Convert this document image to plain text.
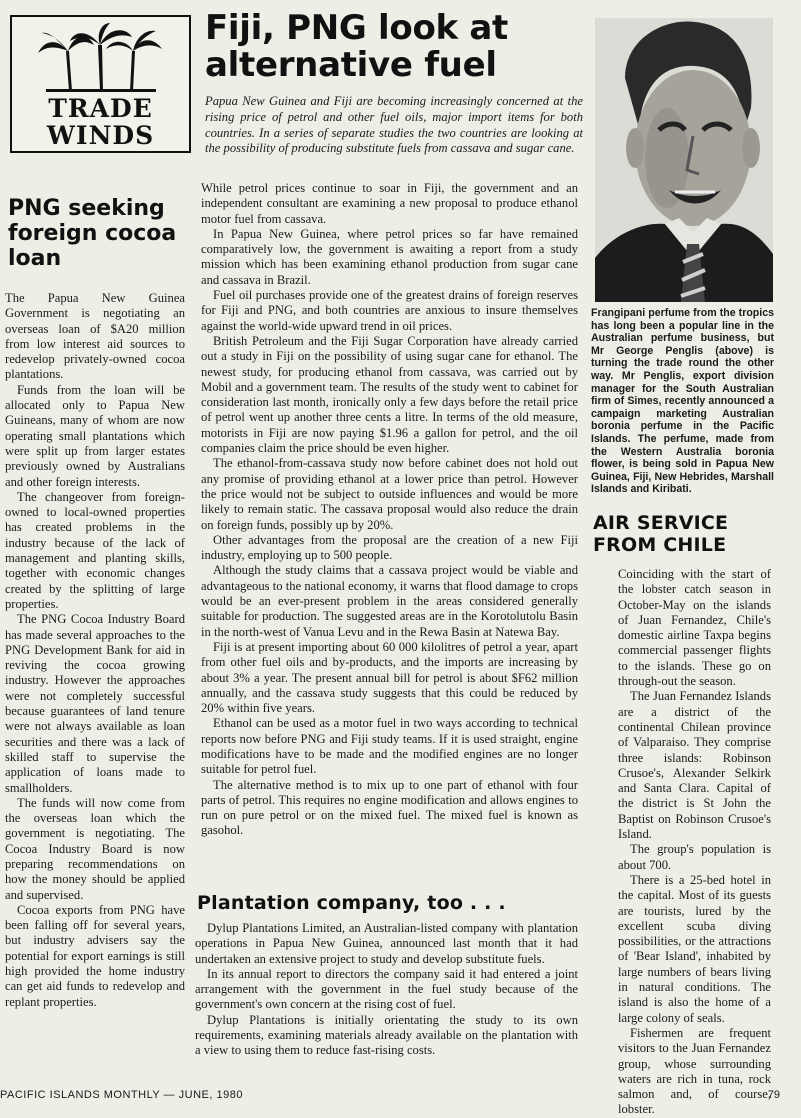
TRADE
WINDS
Fiji, PNG look at alternative fuel
Papua New Guinea and Fiji are becoming increasingly concerned at the rising price of petrol and other fuel oils, major import items for both countries. In a series of separate studies the two countries are looking at the possibility of producing substitute fuels from cassava and sugar cane.

While petrol prices continue to soar in Fiji, the government and an independent consultant are examining a new proposal to produce ethanol motor fuel from cassava.

In Papua New Guinea, where petrol prices so far have remained comparatively low, the government is awaiting a report from a study mission which has been examining ethanol production from sugar cane and cassava in Brazil.

Fuel oil purchases provide one of the greatest drains of foreign reserves for Fiji and PNG, and both countries are anxious to insure themselves against the world-wide upward trend in oil prices.

British Petroleum and the Fiji Sugar Corporation have already carried out a study in Fiji on the possibility of using sugar cane for ethanol. The newest study, for producing ethanol from cassava, was carried out by Mobil and a government team. The results of the study went to cabinet for consideration last month, ironically only a few days before the retail price of petrol went up another three cents a litre. In terms of the old measure, motorists in Fiji are now paying $1.96 a gallon for petrol, and the oil companies claim the price should be even higher.

The ethanol-from-cassava study now before cabinet does not hold out any promise of providing ethanol at a lower price than petrol. However the price would not be subject to outside influences and would be more likely to remain static. The cassava proposal would also reduce the drain on foreign funds, possibly up by 20%.

Other advantages from the proposal are the creation of a new Fiji industry, employing up to 500 people.

Although the study claims that a cassava project would be viable and advantageous to the national economy, it warns that flood damage to crops would be an ever-present problem in the areas considered generally suitable for production. The suggested areas are in the Korotolutolu Basin in the north-west of Vanua Levu and in the Rewa Basin at Natewa Bay.

Fiji is at present importing about 60 000 kilolitres of petrol a year, apart from other fuel oils and by-products, and the imports are increasing by about 3% a year. The present annual bill for petrol is about $F62 million annually, and the cassava study suggests that this could be reduced by 20% within five years.

Ethanol can be used as a motor fuel in two ways according to technical reports now before PNG and Fiji study teams. If it is used straight, engine modifications have to be made and the modified engines are no longer suitable for petrol fuel.

The alternative method is to mix up to one part of ethanol with four parts of petrol. This requires no engine modification and allows engines to run on pure petrol or on the mixed fuel. The mixed fuel is known as gasohol.

Plantation company, too . . .

Dylup Plantations Limited, an Australian-listed company with plantation operations in Papua New Guinea, announced last month that it had undertaken an extensive project to study and develop substitute fuels.

In its annual report to directors the company said it had entered a joint arrangement with the government in the fuel study because of the government's own concern at the rising cost of fuel.

Dylup Plantations is initially orientating the study to its own requirements, examining materials already available on the plantation with a view to using them to reduce fast-rising costs.

PNG seeking foreign cocoa loan

The Papua New Guinea Government is negotiating an overseas loan of $A20 million from low interest aid sources to redevelop privately-owned cocoa plantations.

Funds from the loan will be allocated only to Papua New Guineans, many of whom are now operating small plantations which were split up from larger estates previously owned by Australians and other foreign interests.

The changeover from foreign-owned to local-owned properties has created problems in the industry because of the lack of management and planting skills, together with economic changes created by the splitting of large properties.

The PNG Cocoa Industry Board has made several approaches to the PNG Development Bank for aid in reviving the cocoa growing industry. However the approaches were not completely successful because guarantees of land tenure were not always available as loan securities and there was a lack of skilled staff to supervise the application of loans made to smallholders.

The funds will now come from the overseas loan which the government is negotiating. The Cocoa Industry Board is now preparing recommendations on how the money should be applied and supervised.

Cocoa exports from PNG have been falling off for several years, but industry advisers say the potential for export earnings is still high provided the home industry can get aid funds to redevelop and replant properties.

Frangipani perfume from the tropics has long been a popular line in the Australian perfume business, but Mr George Penglis (above) is turning the trade round the other way. Mr Penglis, export division manager for the South Australian firm of Simes, recently announced a campaign marketing Australian boronia perfume in the Pacific Islands. The perfume, made from the Western Australia boronia flower, is being sold in Papua New Guinea, Fiji, New Hebrides, Marshall Islands and Kiribati.
AIR SERVICE FROM CHILE

Coinciding with the start of the lobster catch season in October-May on the islands of Juan Fernandez, Chile's domestic airline Taxpa begins commercial passenger flights to the islands. These go on through-out the season.

The Juan Fernandez Islands are a district of the continental Chilean province of Valparaiso. They comprise three islands: Robinson Crusoe's, Alexander Selkirk and Santa Clara. Capital of the district is St John the Baptist on Robinson Crusoe's Island.

The group's population is about 700.

There is a 25-bed hotel in the capital. Most of its guests are tourists, lured by the excellent scuba diving possibilities, or the attractions of 'Bear Island', inhabited by large numbers of bears living in natural conditions. The island is also the home of a large colony of seals.

Fishermen are frequent visitors to the Juan Fernandez group, whose surrounding waters are rich in tuna, rock salmon and, of course, lobster.

PACIFIC ISLANDS MONTHLY — JUNE, 1980	79
